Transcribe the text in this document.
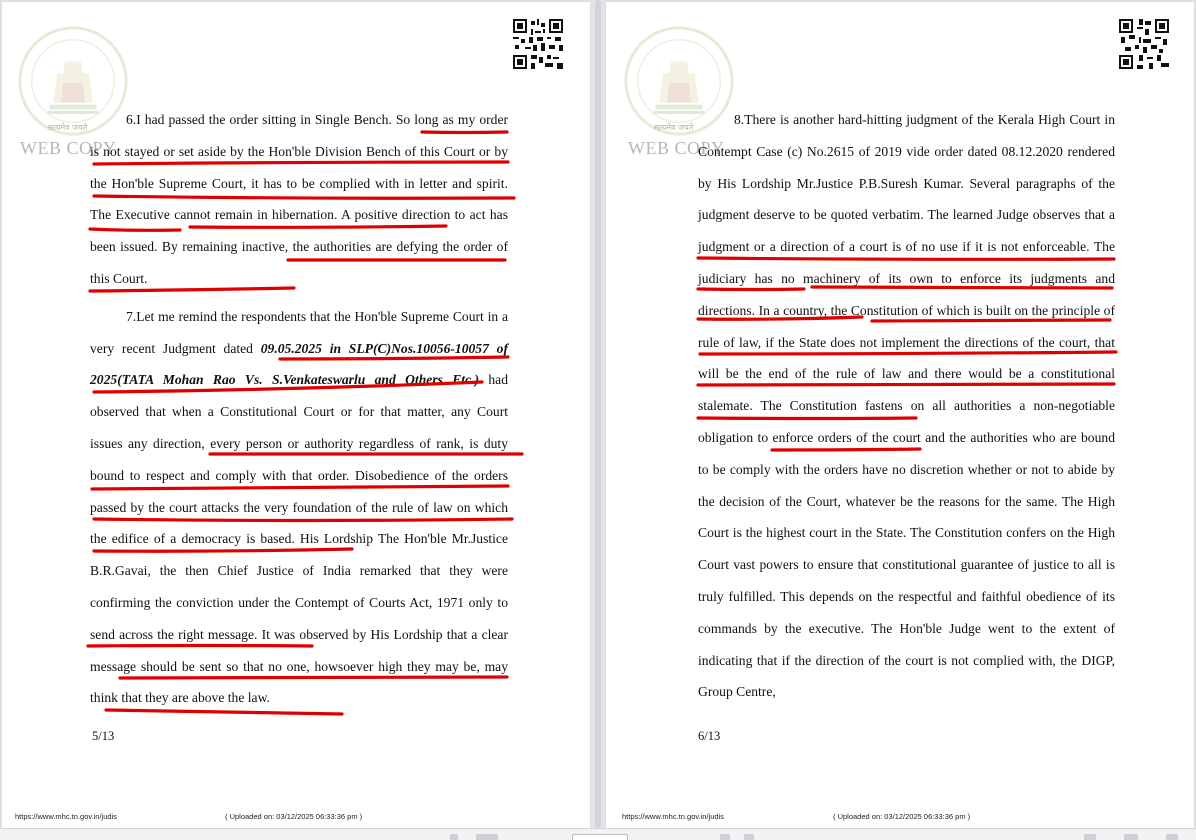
सत्यमेव जयते
WEB COPY

6.I had passed the order sitting in Single Bench. So long as my order is not stayed or set aside by the Hon'ble Division Bench of this Court or by the Hon'ble Supreme Court, it has to be complied with in letter and spirit. The Executive cannot remain in hibernation. A positive direction to act has been issued. By remaining inactive, the authorities are defying the order of this Court.

7.Let me remind the respondents that the Hon'ble Supreme Court in a very recent Judgment dated 09.05.2025 in SLP(C)Nos.10056-10057 of 2025(TATA Mohan Rao Vs. S.Venkateswarlu and Others Etc.) had observed that when a Constitutional Court or for that matter, any Court issues any direction, every person or authority regardless of rank, is duty bound to respect and comply with that order. Disobedience of the orders passed by the court attacks the very foundation of the rule of law on which the edifice of a democracy is based. His Lordship The Hon'ble Mr.Justice B.R.Gavai, the then Chief Justice of India remarked that they were confirming the conviction under the Contempt of Courts Act, 1971 only to send across the right message. It was observed by His Lordship that a clear message should be sent so that no one, howsoever high they may be, may think that they are above the law.

5/13
https://www.mhc.tn.gov.in/judis	( Uploaded on: 03/12/2025 06:33:36 pm )
सत्यमेव जयते
WEB COPY

8.There is another hard-hitting judgment of the Kerala High Court in Contempt Case (c) No.2615 of 2019 vide order dated 08.12.2020 rendered by His Lordship Mr.Justice P.B.Suresh Kumar. Several paragraphs of the judgment deserve to be quoted verbatim. The learned Judge observes that a judgment or a direction of a court is of no use if it is not enforceable. The judiciary has no machinery of its own to enforce its judgments and directions. In a country, the Constitution of which is built on the principle of rule of law, if the State does not implement the directions of the court, that will be the end of the rule of law and there would be a constitutional stalemate. The Constitution fastens on all authorities a non-negotiable obligation to enforce orders of the court and the authorities who are bound to be comply with the orders have no discretion whether or not to abide by the decision of the Court, whatever be the reasons for the same. The High Court is the highest court in the State. The Constitution confers on the High Court vast powers to ensure that constitutional guarantee of justice to all is truly fulfilled. This depends on the respectful and faithful obedience of its commands by the executive. The Hon'ble Judge went to the extent of indicating that if the direction of the court is not complied with, the DIGP, Group Centre,

6/13
https://www.mhc.tn.gov.in/judis	( Uploaded on: 03/12/2025 06:33:36 pm )
